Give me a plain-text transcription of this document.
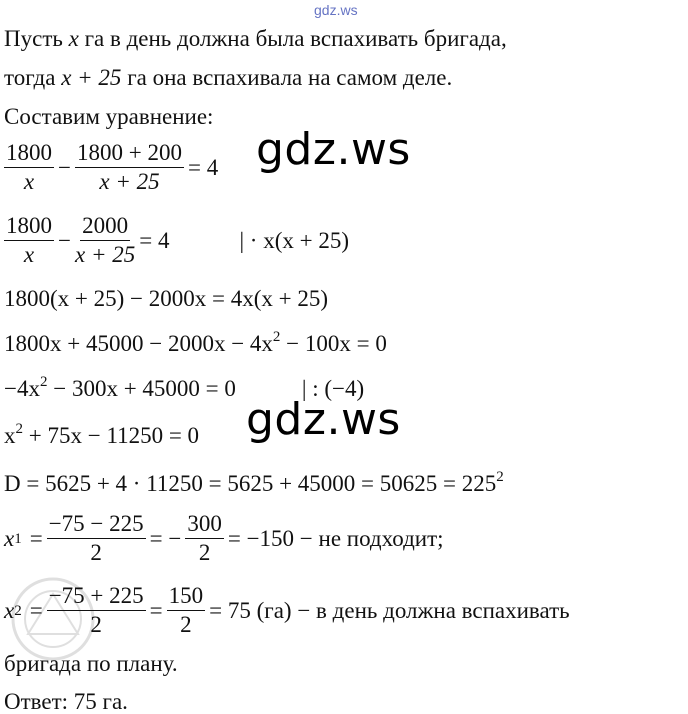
gdz.ws
gdz.ws
gdz.ws
Пусть x га в день должна была вспахивать бригада,
тогда x + 25 га она вспахивала на самом деле.
Составим уравнение:
$\frac{1800}{x} - \frac{1800 + 200}{x + 25} = 4$
$\frac{1800}{x} - \frac{2000}{x + 25} = 4$	| · x(x + 25)
1800(x + 25) − 2000x = 4x(x + 25)
$1800x + 45000 - 2000x - 4x^2 - 100x = 0$
$-4x^2 - 300x + 45000 = 0$	| : (−4)
$x^2 + 75x - 11250 = 0$
$D = 5625 + 4 \cdot 11250 = 5625 + 45000 = 50625 = 225^2$
x $1 = \frac{-75 - 225}{2}$ = − $\frac{300}{2} = -150$ − не подходит;
x $2 = \frac{-75 + 225}{2} = \frac{150}{2} = 75$ (га) − в день должна вспахивать
бригада по плану.
Ответ: 75 га.
